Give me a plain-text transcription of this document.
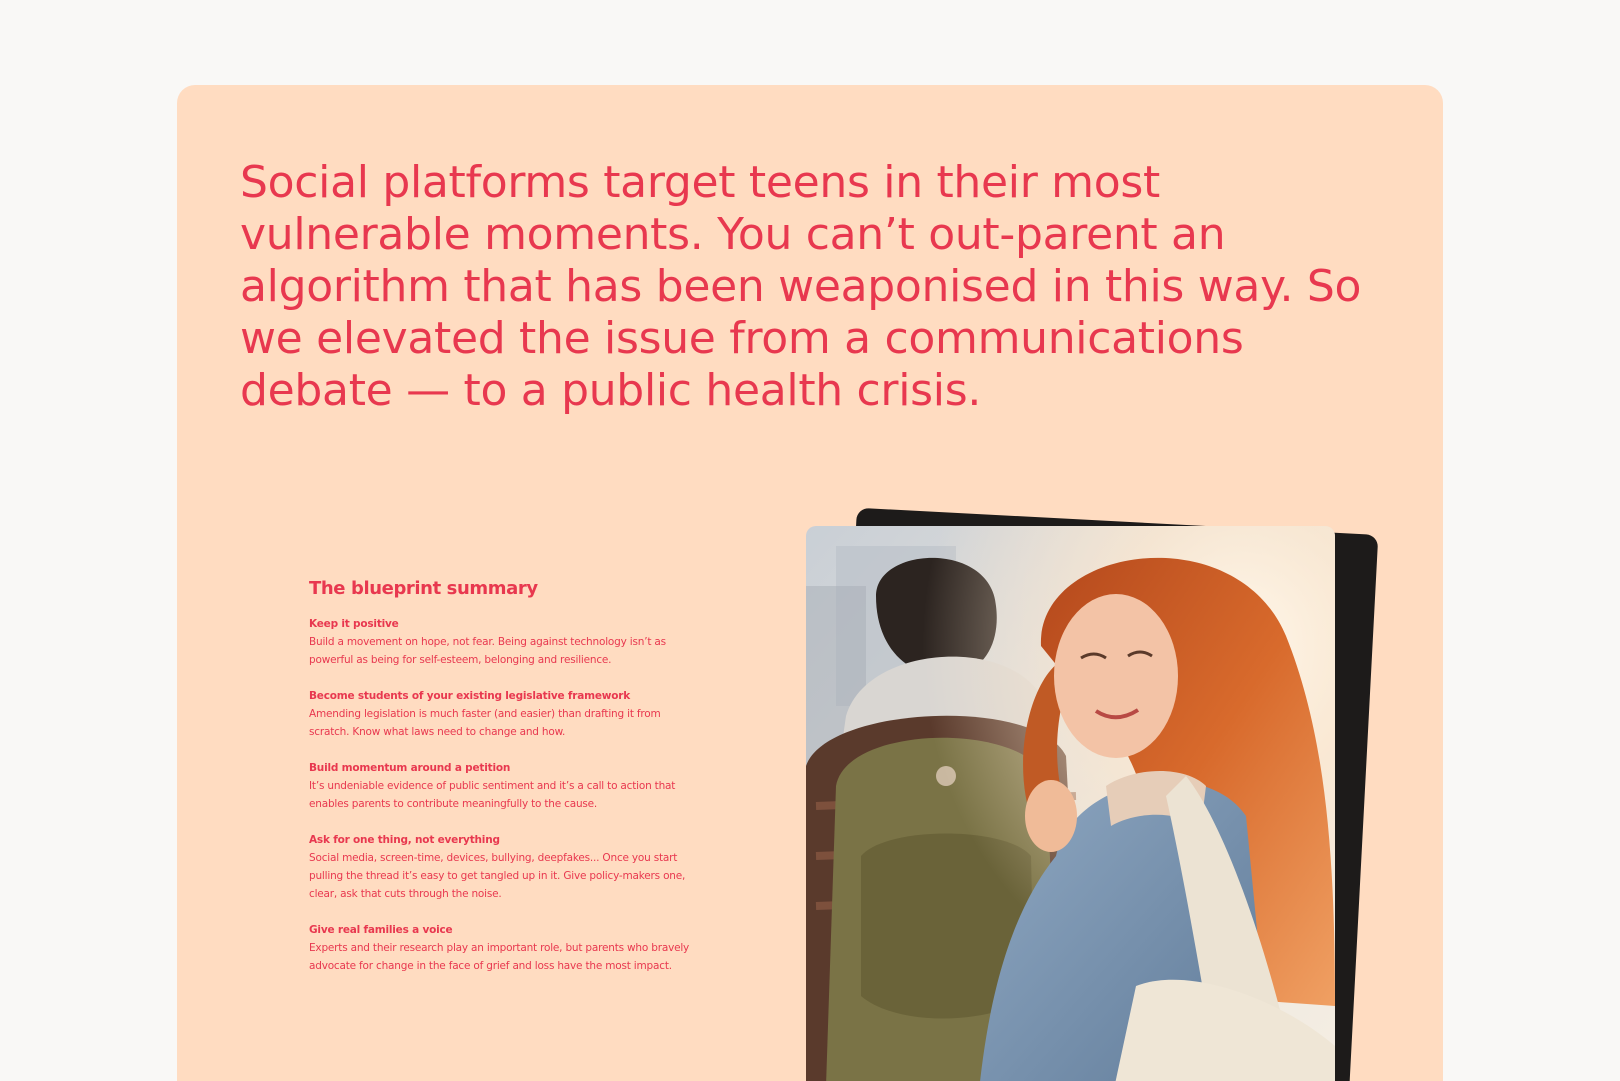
Social platforms target teens in their most vulnerable moments. You can’t out-parent an algorithm that has been weaponised in this way. So we elevated the issue from a communications debate — to a public health crisis.
The blueprint summary

Keep it positive

Build a movement on hope, not fear. Being against technology isn’t as powerful as being for self-esteem, belonging and resilience.

Become students of your existing legislative framework

Amending legislation is much faster (and easier) than drafting it from scratch. Know what laws need to change and how.

Build momentum around a petition

It’s undeniable evidence of public sentiment and it’s a call to action that enables parents to contribute meaningfully to the cause.

Ask for one thing, not everything

Social media, screen-time, devices, bullying, deepfakes... Once you start pulling the thread it’s easy to get tangled up in it. Give policy-makers one, clear, ask that cuts through the noise.

Give real families a voice

Experts and their research play an important role, but parents who bravely advocate for change in the face of grief and loss have the most impact.
